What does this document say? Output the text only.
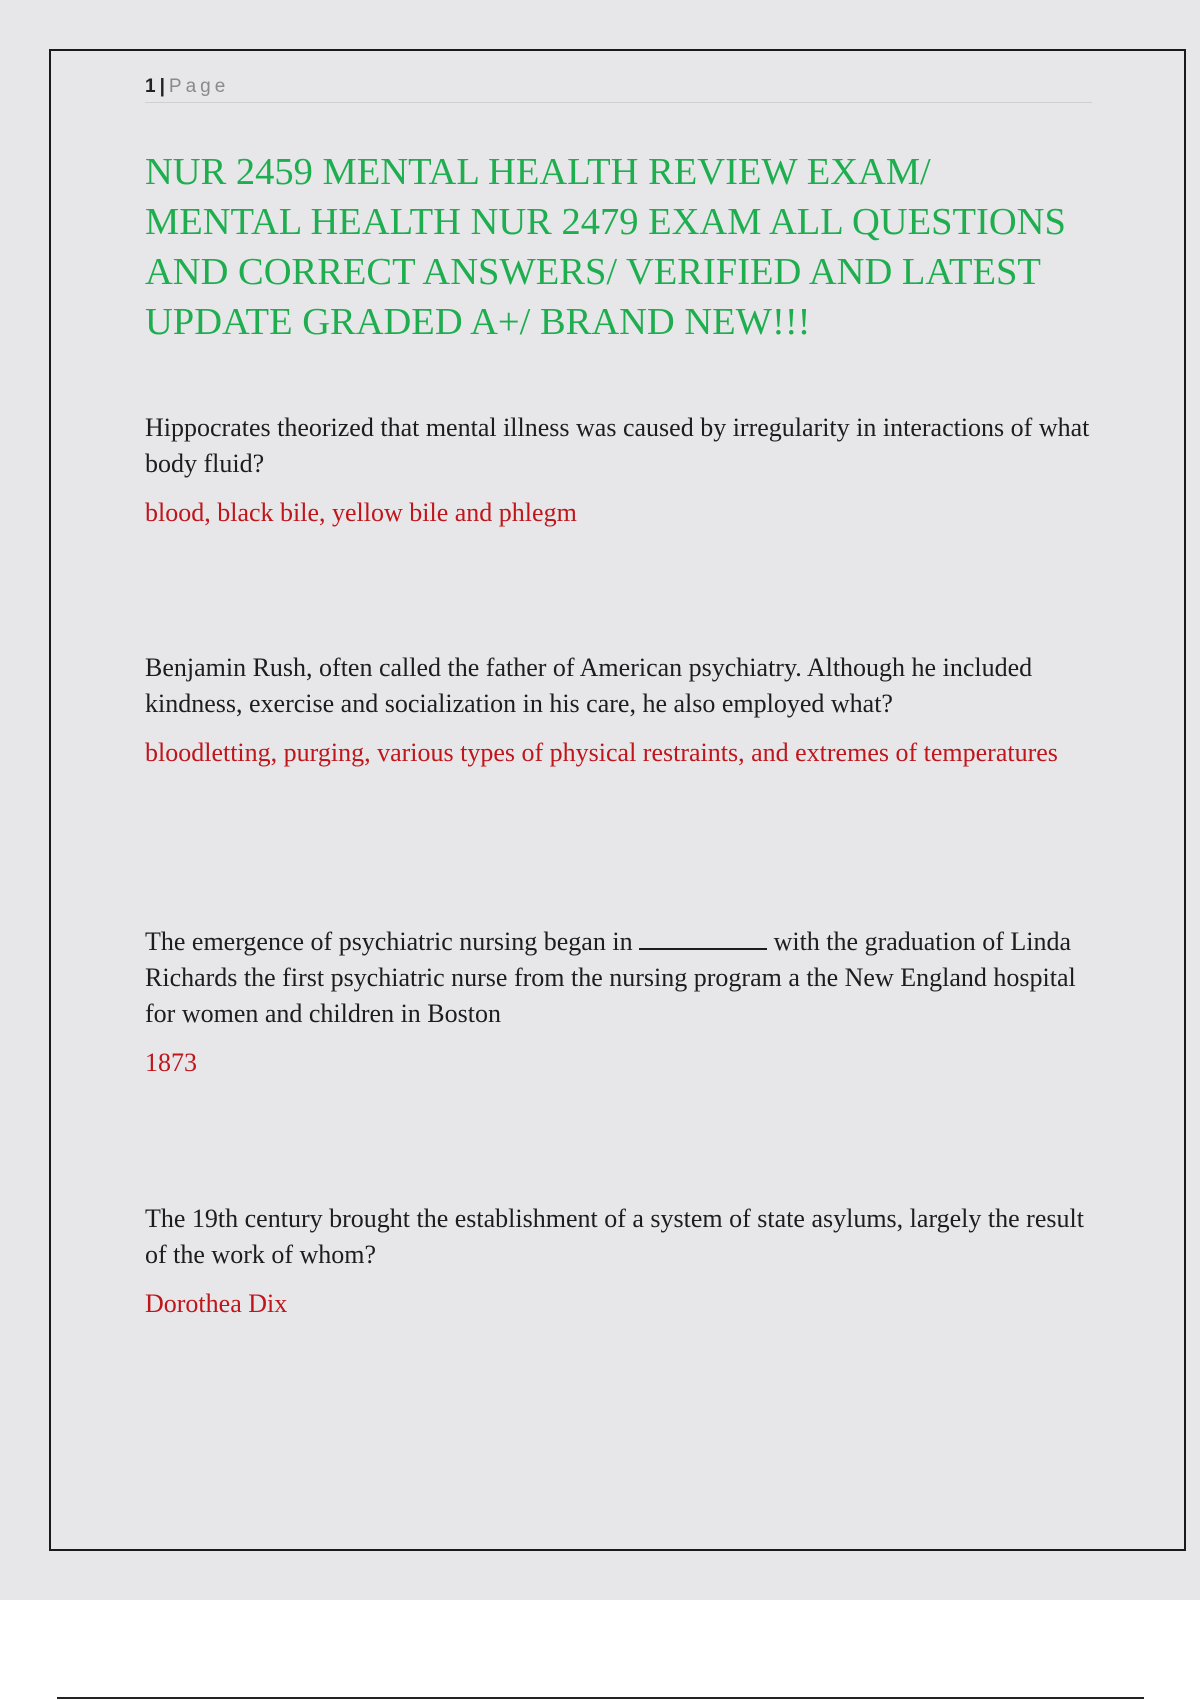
1 | Page
NUR 2459 MENTAL HEALTH REVIEW EXAM/ MENTAL HEALTH NUR 2479 EXAM ALL QUESTIONS AND CORRECT ANSWERS/ VERIFIED AND LATEST UPDATE GRADED A+/ BRAND NEW!!!

Hippocrates theorized that mental illness was caused by irregularity in interactions of what body fluid?

blood, black bile, yellow bile and phlegm

Benjamin Rush, often called the father of American psychiatry. Although he included kindness, exercise and socialization in his care, he also employed what?

bloodletting, purging, various types of physical restraints, and extremes of temperatures

The emergence of psychiatric nursing began in	with the graduation of Linda Richards the first psychiatric nurse from the nursing program a the New England hospital for women and children in Boston

1873

The 19th century brought the establishment of a system of state asylums, largely the result of the work of whom?

Dorothea Dix
